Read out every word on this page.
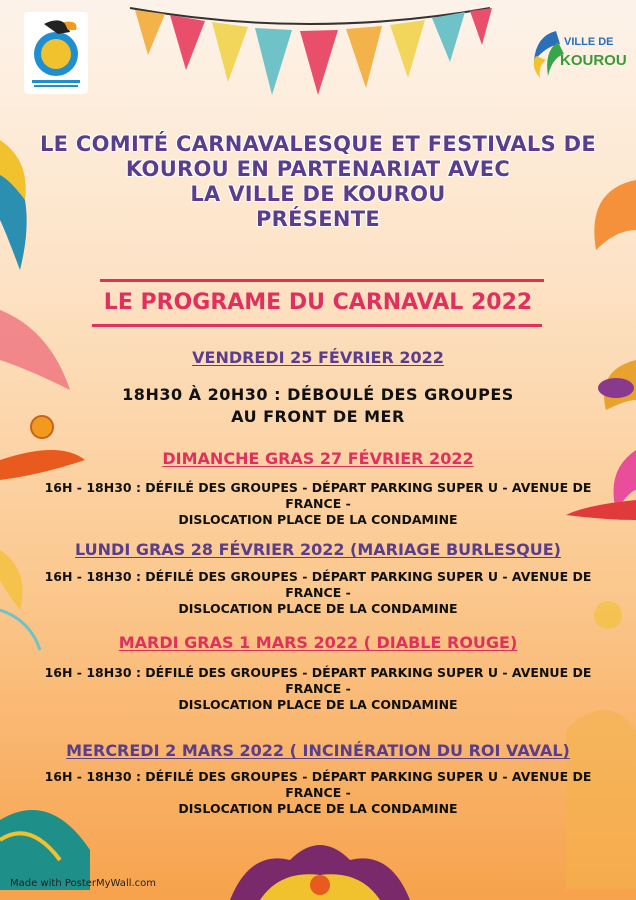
VILLE DE
KOUROU
LE COMITÉ CARNAVALESQUE ET FESTIVALS DE
KOUROU EN PARTENARIAT AVEC
LA VILLE DE KOUROU
PRÉSENTE
LE PROGRAME DU CARNAVAL 2022
VENDREDI 25 FÉVRIER 2022
18H30 À 20H30 : DÉBOULÉ DES GROUPES
AU FRONT DE MER
DIMANCHE GRAS 27 FÉVRIER 2022
16H - 18H30 : DÉFILÉ DES GROUPES - DÉPART PARKING SUPER U - AVENUE DE
FRANCE -
DISLOCATION PLACE DE LA CONDAMINE
LUNDI GRAS 28 FÉVRIER 2022 (MARIAGE BURLESQUE)
16H - 18H30 : DÉFILÉ DES GROUPES - DÉPART PARKING SUPER U - AVENUE DE
FRANCE -
DISLOCATION PLACE DE LA CONDAMINE
MARDI GRAS 1 MARS 2022 ( DIABLE ROUGE)
16H - 18H30 : DÉFILÉ DES GROUPES - DÉPART PARKING SUPER U - AVENUE DE
FRANCE -
DISLOCATION PLACE DE LA CONDAMINE
MERCREDI 2 MARS 2022 ( INCINÉRATION DU ROI VAVAL)
16H - 18H30 : DÉFILÉ DES GROUPES - DÉPART PARKING SUPER U - AVENUE DE
FRANCE -
DISLOCATION PLACE DE LA CONDAMINE
Made with PosterMyWall.com
